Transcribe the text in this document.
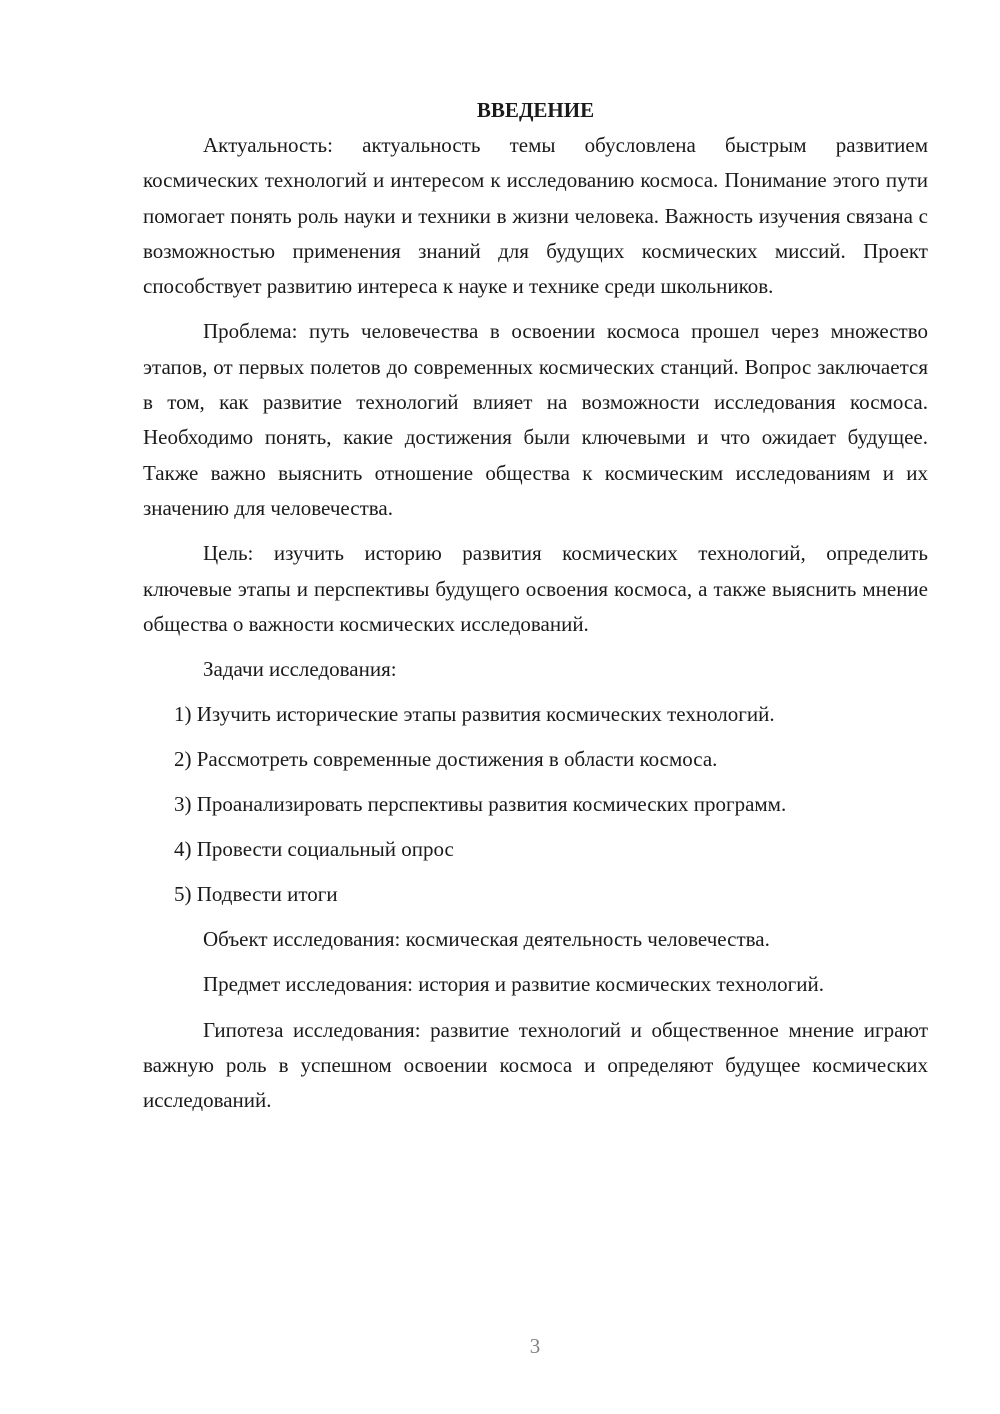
ВВЕДЕНИЕ

Актуальность: актуальность темы обусловлена быстрым развитием космических технологий и интересом к исследованию космоса. Понимание этого пути помогает понять роль науки и техники в жизни человека. Важность изучения связана с возможностью применения знаний для будущих космических миссий. Проект способствует развитию интереса к науке и технике среди школьников.

Проблема: путь человечества в освоении космоса прошел через множество этапов, от первых полетов до современных космических станций. Вопрос заключается в том, как развитие технологий влияет на возможности исследования космоса. Необходимо понять, какие достижения были ключевыми и что ожидает будущее. Также важно выяснить отношение общества к космическим исследованиям и их значению для человечества.

Цель: изучить историю развития космических технологий, определить ключевые этапы и перспективы будущего освоения космоса, а также выяснить мнение общества о важности космических исследований.

Задачи исследования:
1) Изучить исторические этапы развития космических технологий.
2) Рассмотреть современные достижения в области космоса.
3) Проанализировать перспективы развития космических программ.
4) Провести социальный опрос
5) Подвести итоги

Объект исследования: космическая деятельность человечества.

Предмет исследования: история и развитие космических технологий.

Гипотеза исследования: развитие технологий и общественное мнение играют важную роль в успешном освоении космоса и определяют будущее космических исследований.

3
